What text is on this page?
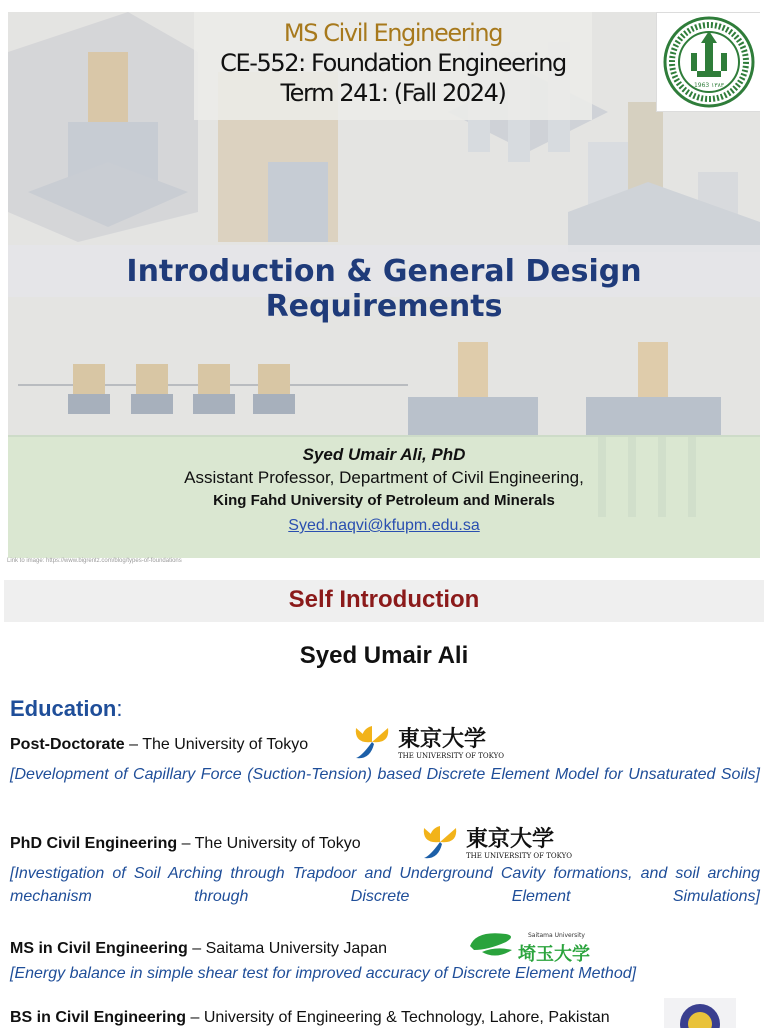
MS Civil Engineering
CE-552: Foundation Engineering
Term 241: (Fall 2024)	1963 ١٣٨٣
Introduction & General Design Requirements
Syed Umair Ali, PhD
Assistant Professor, Department of Civil Engineering,
King Fahd University of Petroleum and Minerals
Syed.naqvi@kfupm.edu.sa
Link to image: https://www.bigrentz.com/blog/types-of-foundations
Self Introduction
Syed Umair Ali
Education:
Post-Doctorate – The University of Tokyo	東京大学
THE UNIVERSITY OF TOKYO
[Development of Capillary Force (Suction-Tension) based Discrete Element Model for Unsaturated Soils]
PhD Civil Engineering – The University of Tokyo	東京大学
THE UNIVERSITY OF TOKYO
[Investigation of Soil Arching through Trapdoor and Underground Cavity formations, and soil arching mechanism through Discrete Element Simulations]
MS in Civil Engineering – Saitama University Japan
Saitama University
埼玉大学
[Energy balance in simple shear test for improved accuracy of Discrete Element Method]
BS in Civil Engineering – University of Engineering & Technology, Lahore, Pakistan
